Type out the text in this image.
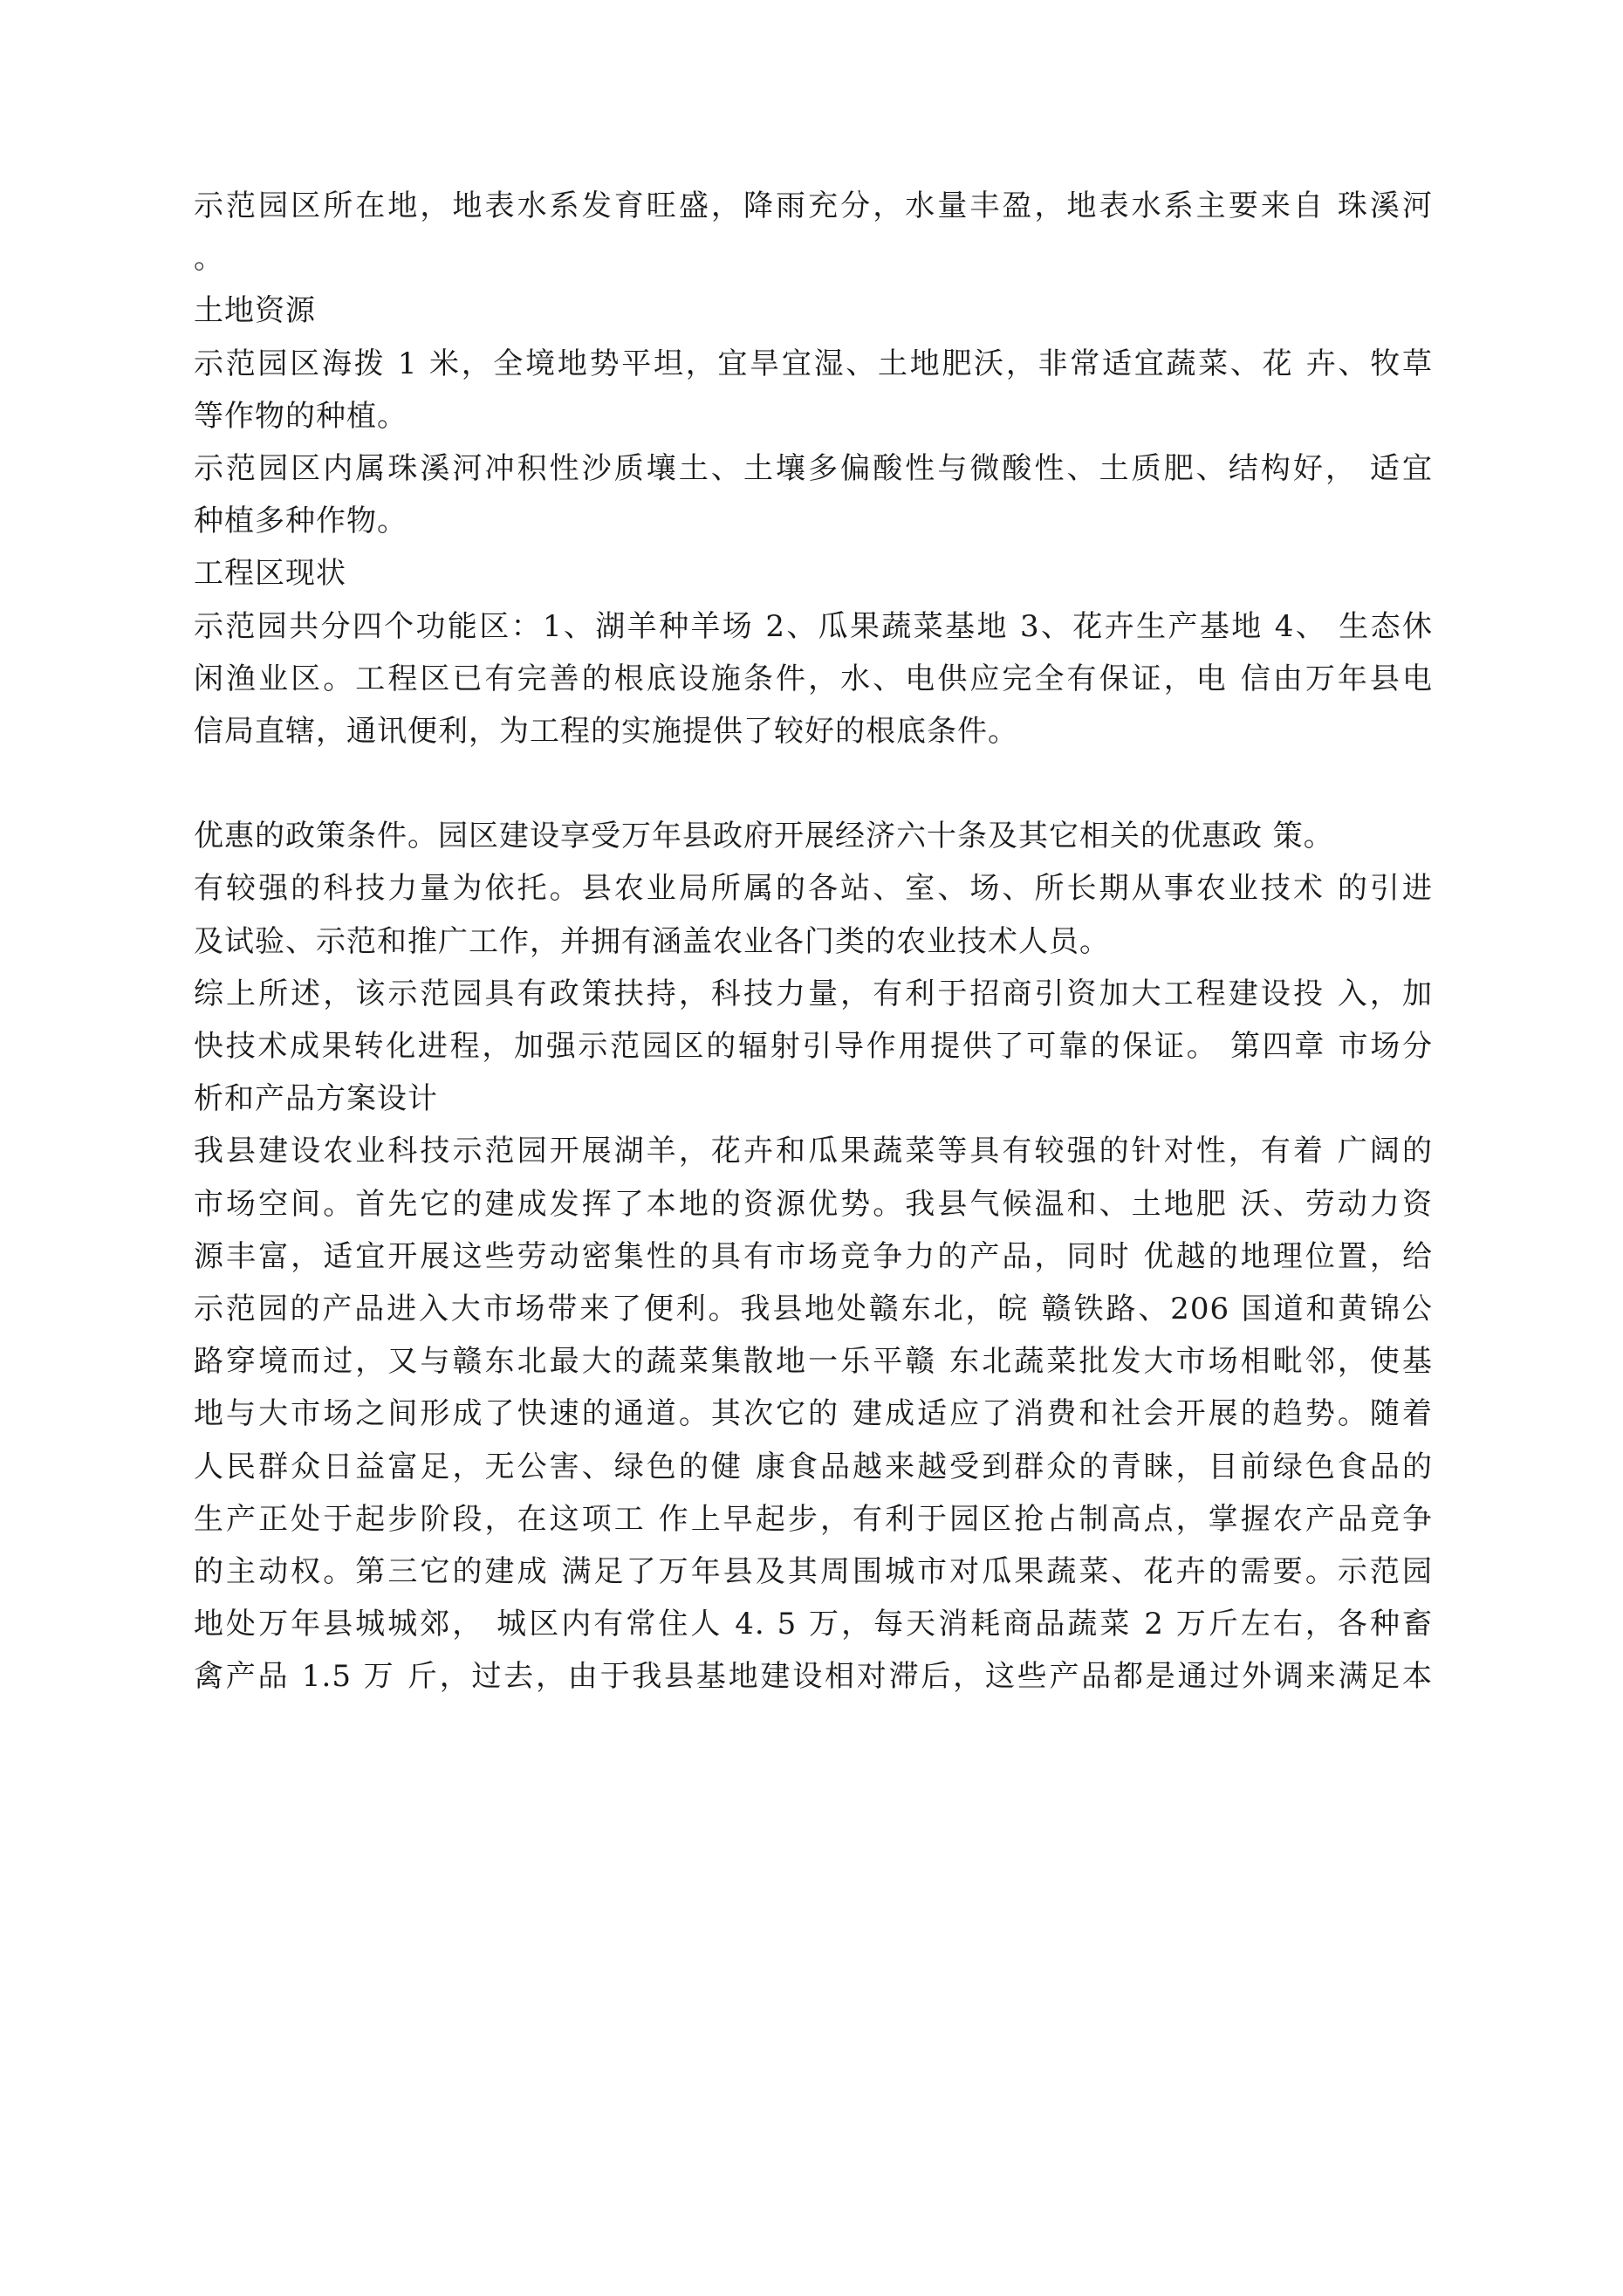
示范园区所在地，地表水系发育旺盛，降雨充分，水量丰盈，地表水系主要来自 珠溪河
。
土地资源
示范园区海拨 1 米，全境地势平坦，宜旱宜湿、土地肥沃，非常适宜蔬菜、花 卉、牧草
等作物的种植。
示范园区内属珠溪河冲积性沙质壤土、土壤多偏酸性与微酸性、土质肥、结构好， 适宜
种植多种作物。
工程区现状
示范园共分四个功能区：1、湖羊种羊场 2、瓜果蔬菜基地 3、花卉生产基地 4、 生态休
闲渔业区。工程区已有完善的根底设施条件，水、电供应完全有保证，电 信由万年县电
信局直辖，通讯便利，为工程的实施提供了较好的根底条件。
优惠的政策条件。园区建设享受万年县政府开展经济六十条及其它相关的优惠政 策。
有较强的科技力量为依托。县农业局所属的各站、室、场、所长期从事农业技术 的引进
及试验、示范和推广工作，并拥有涵盖农业各门类的农业技术人员。
综上所述，该示范园具有政策扶持，科技力量，有利于招商引资加大工程建设投 入，加
快技术成果转化进程，加强示范园区的辐射引导作用提供了可靠的保证。 第四章 市场分
析和产品方案设计
我县建设农业科技示范园开展湖羊，花卉和瓜果蔬菜等具有较强的针对性，有着 广阔的
市场空间。首先它的建成发挥了本地的资源优势。我县气候温和、土地肥 沃、劳动力资
源丰富，适宜开展这些劳动密集性的具有市场竞争力的产品，同时 优越的地理位置，给
示范园的产品进入大市场带来了便利。我县地处赣东北，皖 赣铁路、206 国道和黄锦公
路穿境而过，又与赣东北最大的蔬菜集散地一乐平赣 东北蔬菜批发大市场相毗邻，使基
地与大市场之间形成了快速的通道。其次它的 建成适应了消费和社会开展的趋势。随着
人民群众日益富足，无公害、绿色的健 康食品越来越受到群众的青睐，目前绿色食品的
生产正处于起步阶段，在这项工 作上早起步，有利于园区抢占制高点，掌握农产品竞争
的主动权。第三它的建成 满足了万年县及其周围城市对瓜果蔬菜、花卉的需要。示范园
地处万年县城城郊， 城区内有常住人 4. 5 万，每天消耗商品蔬菜 2 万斤左右，各种畜
禽产品 1.5 万 斤，过去，由于我县基地建设相对滞后，这些产品都是通过外调来满足本
